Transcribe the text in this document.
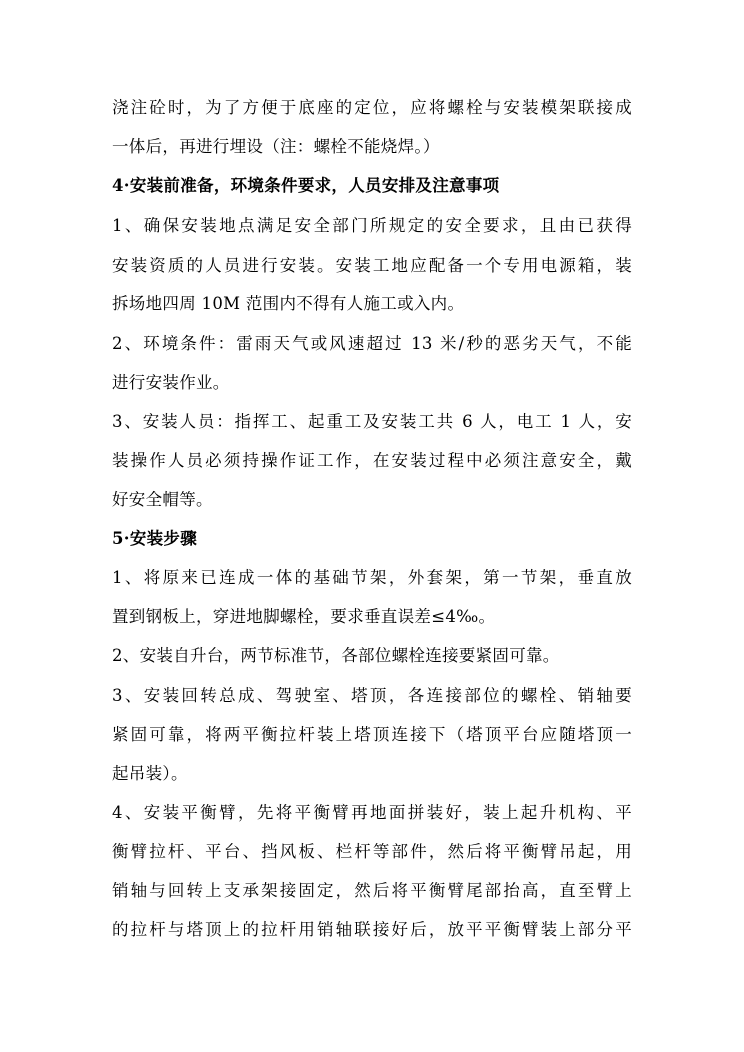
浇注砼时，为了方便于底座的定位，应将螺栓与安装模架联接成
一体后，再进行埋设（注：螺栓不能烧焊。）
4·安装前准备，环境条件要求，人员安排及注意事项
1、确保安装地点满足安全部门所规定的安全要求，且由已获得
安装资质的人员进行安装。安装工地应配备一个专用电源箱，装
拆场地四周 10M 范围内不得有人施工或入内。
2、环境条件：雷雨天气或风速超过 13 米/秒的恶劣天气，不能
进行安装作业。
3、安装人员：指挥工、起重工及安装工共 6 人，电工 1 人，安
装操作人员必须持操作证工作，在安装过程中必须注意安全，戴
好安全帽等。
5·安装步骤
1、将原来已连成一体的基础节架，外套架，第一节架，垂直放
置到钢板上，穿进地脚螺栓，要求垂直误差≤4‰。
2、安装自升台，两节标准节，各部位螺栓连接要紧固可靠。
3、安装回转总成、驾驶室、塔顶，各连接部位的螺栓、销轴要
紧固可靠，将两平衡拉杆装上塔顶连接下（塔顶平台应随塔顶一
起吊装）。
4、安装平衡臂，先将平衡臂再地面拼装好，装上起升机构、平
衡臂拉杆、平台、挡风板、栏杆等部件，然后将平衡臂吊起，用
销轴与回转上支承架接固定，然后将平衡臂尾部抬高，直至臂上
的拉杆与塔顶上的拉杆用销轴联接好后，放平平衡臂装上部分平
